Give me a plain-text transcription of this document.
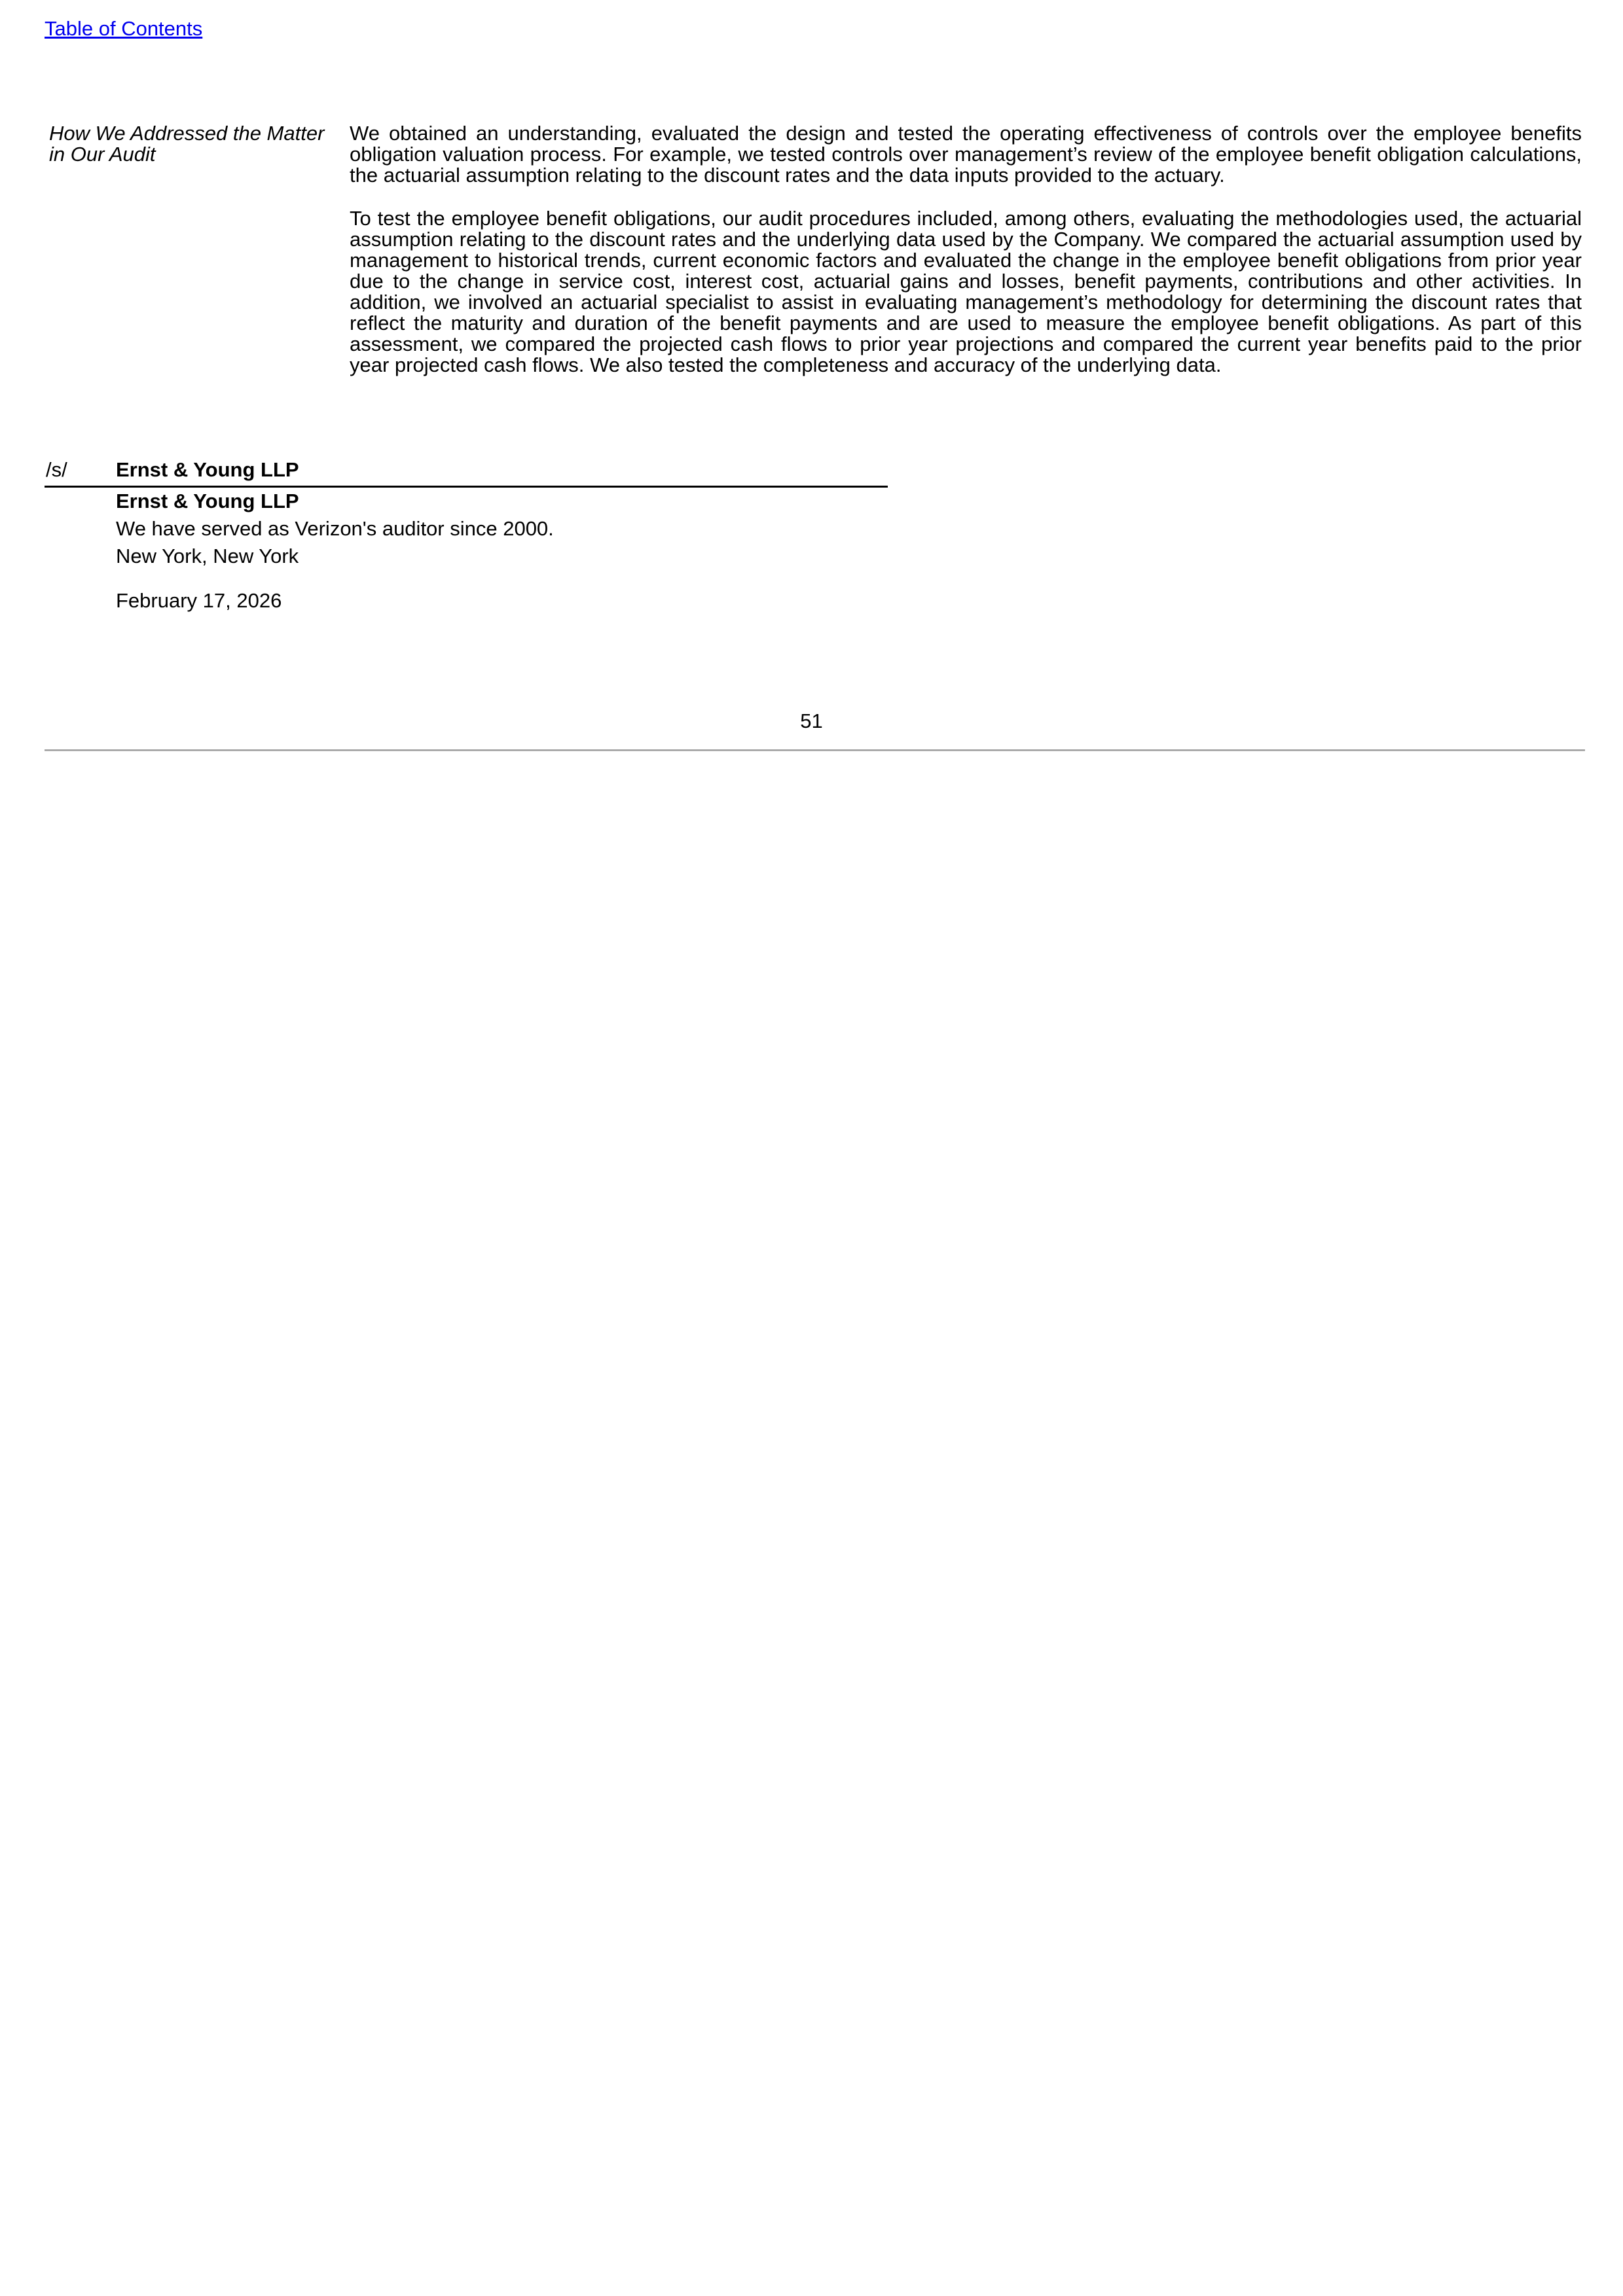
Table of Contents
How We Addressed the Matter in Our Audit

We obtained an understanding, evaluated the design and tested the operating effectiveness of controls over the employee benefits obligation valuation process. For example, we tested controls over management’s review of the employee benefit obligation calculations, the actuarial assumption relating to the discount rates and the data inputs provided to the actuary.

To test the employee benefit obligations, our audit procedures included, among others, evaluating the methodologies used, the actuarial assumption relating to the discount rates and the underlying data used by the Company. We compared the actuarial assumption used by management to historical trends, current economic factors and evaluated the change in the employee benefit obligations from prior year due to the change in service cost, interest cost, actuarial gains and losses, benefit payments, contributions and other activities. In addition, we involved an actuarial specialist to assist in evaluating management’s methodology for determining the discount rates that reflect the maturity and duration of the benefit payments and are used to measure the employee benefit obligations. As part of this assessment, we compared the projected cash flows to prior year projections and compared the current year benefits paid to the prior year projected cash flows. We also tested the completeness and accuracy of the underlying data.

/s/ Ernst & Young LLP
Ernst & Young LLP
We have served as Verizon's auditor since 2000.
New York, New York
February 17, 2026
51
